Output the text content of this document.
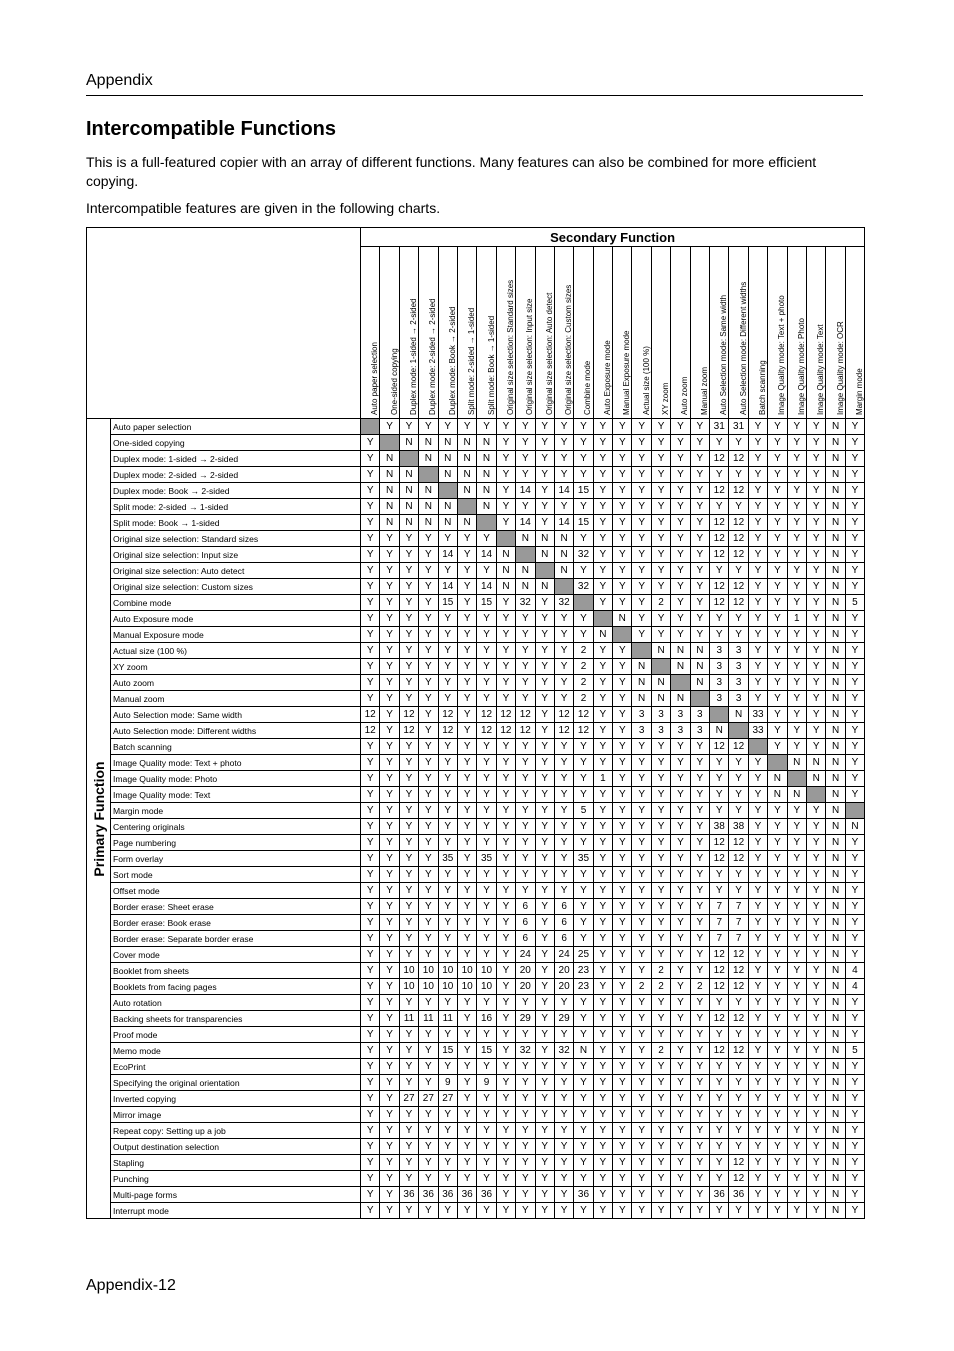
Appendix
Intercompatible Functions

This is a full-featured copier with an array of different functions. Many features can also be combined for more efficient copying.

Intercompatible features are given in the following charts.

		Secondary Function																									

		Auto paper selection	One-sided copying	Duplex mode: 1-sided → 2-sided	Duplex mode: 2-sided → 2-sided	Duplex mode: Book → 2-sided	Split mode: 2-sided → 1-sided	Split mode: Book → 1-sided	Original size selection: Standard sizes	Original size selection: Input size	Original size selection: Auto detect	Original size selection: Custom sizes	Combine mode	Auto Exposure mode	Manual Exposure mode	Actual size (100 %)	XY zoom	Auto zoom	Manual zoom	Auto Selection mode: Same width	Auto Selection mode: Different widths	Batch scanning	Image Quality mode: Text + photo	Image Quality mode: Photo	Image Quality mode: Text	Image Quality mode: OCR	Margin mode

Primary Function	Auto paper selection		Y	Y	Y	Y	Y	Y	Y	Y	Y	Y	Y	Y	Y	Y	Y	Y	Y	31	31	Y	Y	Y	Y	N	Y
	One-sided copying	Y		N	N	N	N	N	Y	Y	Y	Y	Y	Y	Y	Y	Y	Y	Y	Y	Y	Y	Y	Y	Y	N	Y
	Duplex mode: 1-sided → 2-sided	Y	N		N	N	N	N	Y	Y	Y	Y	Y	Y	Y	Y	Y	Y	Y	12	12	Y	Y	Y	Y	N	Y
	Duplex mode: 2-sided → 2-sided	Y	N	N		N	N	N	Y	Y	Y	Y	Y	Y	Y	Y	Y	Y	Y	Y	Y	Y	Y	Y	Y	N	Y
	Duplex mode: Book → 2-sided	Y	N	N	N		N	N	Y	14	Y	14	15	Y	Y	Y	Y	Y	Y	12	12	Y	Y	Y	Y	N	Y
	Split mode: 2-sided → 1-sided	Y	N	N	N	N		N	Y	Y	Y	Y	Y	Y	Y	Y	Y	Y	Y	Y	Y	Y	Y	Y	Y	N	Y
	Split mode: Book → 1-sided	Y	N	N	N	N	N		Y	14	Y	14	15	Y	Y	Y	Y	Y	Y	12	12	Y	Y	Y	Y	N	Y
	Original size selection: Standard sizes	Y	Y	Y	Y	Y	Y	Y		N	N	N	Y	Y	Y	Y	Y	Y	Y	12	12	Y	Y	Y	Y	N	Y
	Original size selection: Input size	Y	Y	Y	Y	14	Y	14	N		N	N	32	Y	Y	Y	Y	Y	Y	12	12	Y	Y	Y	Y	N	Y
	Original size selection: Auto detect	Y	Y	Y	Y	Y	Y	Y	N	N		N	Y	Y	Y	Y	Y	Y	Y	Y	Y	Y	Y	Y	Y	N	Y
	Original size selection: Custom sizes	Y	Y	Y	Y	14	Y	14	N	N	N		32	Y	Y	Y	Y	Y	Y	12	12	Y	Y	Y	Y	N	Y
	Combine mode	Y	Y	Y	Y	15	Y	15	Y	32	Y	32		Y	Y	Y	2	Y	Y	12	12	Y	Y	Y	Y	N	5
	Auto Exposure mode	Y	Y	Y	Y	Y	Y	Y	Y	Y	Y	Y	Y		N	Y	Y	Y	Y	Y	Y	Y	Y	1	Y	N	Y
	Manual Exposure mode	Y	Y	Y	Y	Y	Y	Y	Y	Y	Y	Y	Y	N		Y	Y	Y	Y	Y	Y	Y	Y	Y	Y	N	Y
	Actual size (100 %)	Y	Y	Y	Y	Y	Y	Y	Y	Y	Y	Y	2	Y	Y		N	N	N	3	3	Y	Y	Y	Y	N	Y
	XY zoom	Y	Y	Y	Y	Y	Y	Y	Y	Y	Y	Y	2	Y	Y	N		N	N	3	3	Y	Y	Y	Y	N	Y
	Auto zoom	Y	Y	Y	Y	Y	Y	Y	Y	Y	Y	Y	2	Y	Y	N	N		N	3	3	Y	Y	Y	Y	N	Y
	Manual zoom	Y	Y	Y	Y	Y	Y	Y	Y	Y	Y	Y	2	Y	Y	N	N	N		3	3	Y	Y	Y	Y	N	Y
	Auto Selection mode: Same width	12	Y	12	Y	12	Y	12	12	12	Y	12	12	Y	Y	3	3	3	3		N	33	Y	Y	Y	N	Y
	Auto Selection mode: Different widths	12	Y	12	Y	12	Y	12	12	12	Y	12	12	Y	Y	3	3	3	3	N		33	Y	Y	Y	N	Y
	Batch scanning	Y	Y	Y	Y	Y	Y	Y	Y	Y	Y	Y	Y	Y	Y	Y	Y	Y	Y	12	12		Y	Y	Y	N	Y
	Image Quality mode: Text + photo	Y	Y	Y	Y	Y	Y	Y	Y	Y	Y	Y	Y	Y	Y	Y	Y	Y	Y	Y	Y	Y		N	N	N	Y
	Image Quality mode: Photo	Y	Y	Y	Y	Y	Y	Y	Y	Y	Y	Y	Y	1	Y	Y	Y	Y	Y	Y	Y	Y	N		N	N	Y
	Image Quality mode: Text	Y	Y	Y	Y	Y	Y	Y	Y	Y	Y	Y	Y	Y	Y	Y	Y	Y	Y	Y	Y	Y	N	N		N	Y
	Margin mode	Y	Y	Y	Y	Y	Y	Y	Y	Y	Y	Y	5	Y	Y	Y	Y	Y	Y	Y	Y	Y	Y	Y	Y	N	
	Centering originals	Y	Y	Y	Y	Y	Y	Y	Y	Y	Y	Y	Y	Y	Y	Y	Y	Y	Y	38	38	Y	Y	Y	Y	N	N
	Page numbering	Y	Y	Y	Y	Y	Y	Y	Y	Y	Y	Y	Y	Y	Y	Y	Y	Y	Y	12	12	Y	Y	Y	Y	N	Y
	Form overlay	Y	Y	Y	Y	35	Y	35	Y	Y	Y	Y	35	Y	Y	Y	Y	Y	Y	12	12	Y	Y	Y	Y	N	Y
	Sort mode	Y	Y	Y	Y	Y	Y	Y	Y	Y	Y	Y	Y	Y	Y	Y	Y	Y	Y	Y	Y	Y	Y	Y	Y	N	Y
	Offset mode	Y	Y	Y	Y	Y	Y	Y	Y	Y	Y	Y	Y	Y	Y	Y	Y	Y	Y	Y	Y	Y	Y	Y	Y	N	Y
	Border erase: Sheet erase	Y	Y	Y	Y	Y	Y	Y	Y	6	Y	6	Y	Y	Y	Y	Y	Y	Y	7	7	Y	Y	Y	Y	N	Y
	Border erase: Book erase	Y	Y	Y	Y	Y	Y	Y	Y	6	Y	6	Y	Y	Y	Y	Y	Y	Y	7	7	Y	Y	Y	Y	N	Y
	Border erase: Separate border erase	Y	Y	Y	Y	Y	Y	Y	Y	6	Y	6	Y	Y	Y	Y	Y	Y	Y	7	7	Y	Y	Y	Y	N	Y
	Cover mode	Y	Y	Y	Y	Y	Y	Y	Y	24	Y	24	25	Y	Y	Y	Y	Y	Y	12	12	Y	Y	Y	Y	N	Y
	Booklet from sheets	Y	Y	10	10	10	10	10	Y	20	Y	20	23	Y	Y	Y	2	Y	Y	12	12	Y	Y	Y	Y	N	4
	Booklets from facing pages	Y	Y	10	10	10	10	10	Y	20	Y	20	23	Y	Y	2	2	Y	2	12	12	Y	Y	Y	Y	N	4
	Auto rotation	Y	Y	Y	Y	Y	Y	Y	Y	Y	Y	Y	Y	Y	Y	Y	Y	Y	Y	Y	Y	Y	Y	Y	Y	N	Y
	Backing sheets for transparencies	Y	Y	11	11	11	Y	16	Y	29	Y	29	Y	Y	Y	Y	Y	Y	Y	12	12	Y	Y	Y	Y	N	Y
	Proof mode	Y	Y	Y	Y	Y	Y	Y	Y	Y	Y	Y	Y	Y	Y	Y	Y	Y	Y	Y	Y	Y	Y	Y	Y	N	Y
	Memo mode	Y	Y	Y	Y	15	Y	15	Y	32	Y	32	N	Y	Y	Y	2	Y	Y	12	12	Y	Y	Y	Y	N	5
	EcoPrint	Y	Y	Y	Y	Y	Y	Y	Y	Y	Y	Y	Y	Y	Y	Y	Y	Y	Y	Y	Y	Y	Y	Y	Y	N	Y
	Specifying the original orientation	Y	Y	Y	Y	9	Y	9	Y	Y	Y	Y	Y	Y	Y	Y	Y	Y	Y	Y	Y	Y	Y	Y	Y	N	Y
	Inverted copying	Y	Y	27	27	27	Y	Y	Y	Y	Y	Y	Y	Y	Y	Y	Y	Y	Y	Y	Y	Y	Y	Y	Y	N	Y
	Mirror image	Y	Y	Y	Y	Y	Y	Y	Y	Y	Y	Y	Y	Y	Y	Y	Y	Y	Y	Y	Y	Y	Y	Y	Y	N	Y
	Repeat copy: Setting up a job	Y	Y	Y	Y	Y	Y	Y	Y	Y	Y	Y	Y	Y	Y	Y	Y	Y	Y	Y	Y	Y	Y	Y	Y	N	Y
	Output destination selection	Y	Y	Y	Y	Y	Y	Y	Y	Y	Y	Y	Y	Y	Y	Y	Y	Y	Y	Y	Y	Y	Y	Y	Y	N	Y
	Stapling	Y	Y	Y	Y	Y	Y	Y	Y	Y	Y	Y	Y	Y	Y	Y	Y	Y	Y	Y	12	Y	Y	Y	Y	N	Y
	Punching	Y	Y	Y	Y	Y	Y	Y	Y	Y	Y	Y	Y	Y	Y	Y	Y	Y	Y	Y	12	Y	Y	Y	Y	N	Y
	Multi-page forms	Y	Y	36	36	36	36	36	Y	Y	Y	Y	36	Y	Y	Y	Y	Y	Y	36	36	Y	Y	Y	Y	N	Y
	Interrupt mode	Y	Y	Y	Y	Y	Y	Y	Y	Y	Y	Y	Y	Y	Y	Y	Y	Y	Y	Y	Y	Y	Y	Y	Y	N	Y
Appendix-12
